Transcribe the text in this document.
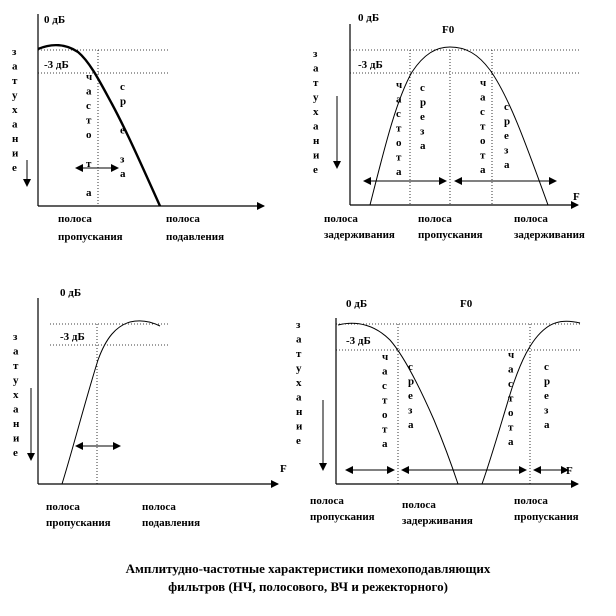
0 дБ
-3 дБ
з а т у х а н и е
ч а с т о т а
с р е з а
полоса
пропускания
полоса
подавления
0 дБ
F0
-3 дБ
F
з а т у х а н и е
ч а с т о т а
с р е з а
ч а с т о т а
с р е з а
полоса
задерживания
полоса
пропускания
полоса
задерживания
0 дБ
-3 дБ
F
з а т у х а н и е
полоса
пропускания
полоса
подавления
0 дБ	F0
-3 дБ
F
з а т у х а н и е
ч а с т о т а
с р е з а
ч а с т о т а
с р е з а
полоса
пропускания
полоса
задерживания
полоса
пропускания
Амплитудно-частотные характеристики помехоподавляющих
фильтров (НЧ, полосового, ВЧ и режекторного)
